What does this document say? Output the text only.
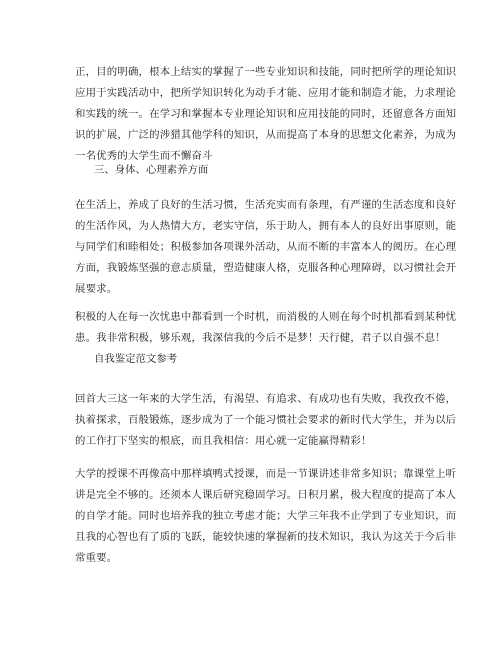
正，目的明确，根本上结实的掌握了一些专业知识和技能，同时把所学的理论知识
应用于实践活动中，把所学知识转化为动手才能、应用才能和制造才能，力求理论
和实践的统一。在学习和掌握本专业理论知识和应用技能的同时，还留意各方面知
识的扩展，广泛的涉猎其他学科的知识，从而提高了本身的思想文化素养，为成为
一名优秀的大学生而不懈奋斗
三、身体、心理素养方面
在生活上，养成了良好的生活习惯，生活充实而有条理，有严谨的生活态度和良好
的生活作风，为人热情大方，老实守信，乐于助人，拥有本人的良好出事原则，能
与同学们和睦相处；积极参加各项课外活动，从而不断的丰富本人的阅历。在心理
方面，我锻炼坚强的意志质量，塑造健康人格，克服各种心理障碍，以习惯社会开
展要求。
积极的人在每一次忧患中都看到一个时机，而消极的人则在每个时机都看到某种忧
患。我非常积极，够乐观，我深信我的今后不是梦！天行健，君子以自强不息！
自我鉴定范文参考
回首大三这一年来的大学生活，有渴望、有追求、有成功也有失败，我孜孜不倦，
执着探求，百般锻炼，逐步成为了一个能习惯社会要求的新时代大学生，并为以后
的工作打下坚实的根底，而且我相信：用心就一定能赢得精彩！
大学的授课不再像高中那样填鸭式授课，而是一节课讲述非常多知识；靠课堂上听
讲是完全不够的。还须本人课后研究稳固学习。日积月累，极大程度的提高了本人
的自学才能。同时也培养我的独立考虑才能；大学三年我不止学到了专业知识，而
且我的心智也有了质的飞跃，能较快速的掌握新的技术知识，我认为这关于今后非
常重要。
